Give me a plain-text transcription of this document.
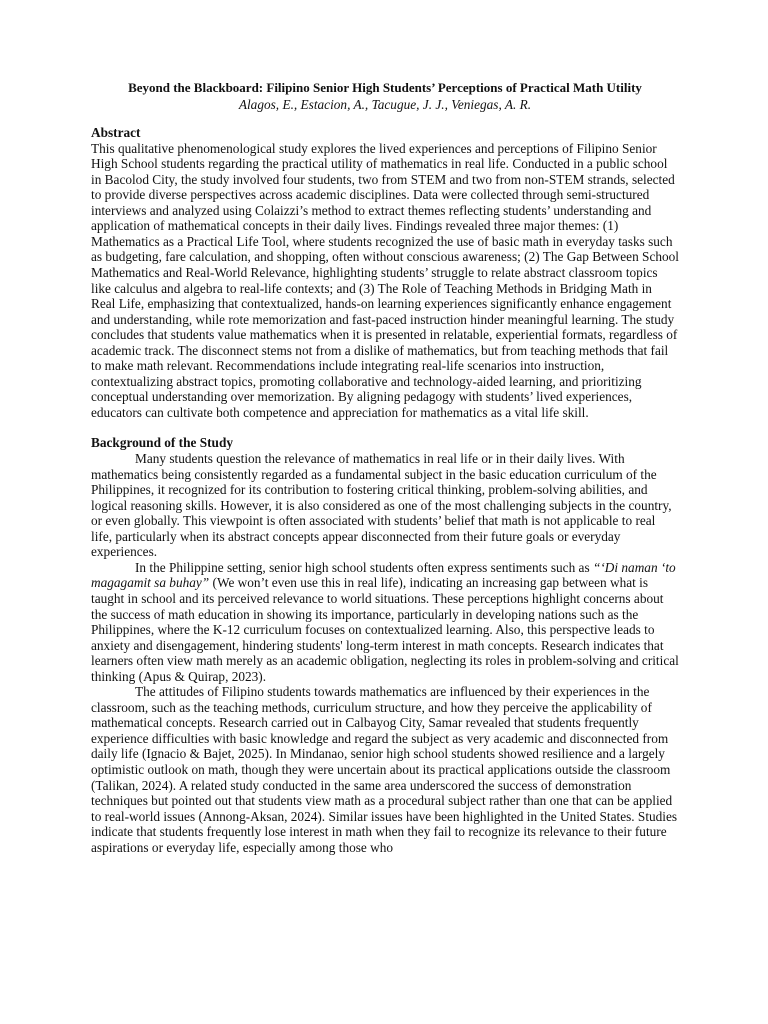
Beyond the Blackboard: Filipino Senior High Students’ Perceptions of Practical Math Utility
Alagos, E., Estacion, A., Tacugue, J. J., Veniegas, A. R.
Abstract

This qualitative phenomenological study explores the lived experiences and perceptions of Filipino Senior High School students regarding the practical utility of mathematics in real life. Conducted in a public school in Bacolod City, the study involved four students, two from STEM and two from non-STEM strands, selected to provide diverse perspectives across academic disciplines. Data were collected through semi-structured interviews and analyzed using Colaizzi’s method to extract themes reflecting students’ understanding and application of mathematical concepts in their daily lives. Findings revealed three major themes: (1) Mathematics as a Practical Life Tool, where students recognized the use of basic math in everyday tasks such as budgeting, fare calculation, and shopping, often without conscious awareness; (2) The Gap Between School Mathematics and Real-World Relevance, highlighting students’ struggle to relate abstract classroom topics like calculus and algebra to real-life contexts; and (3) The Role of Teaching Methods in Bridging Math in Real Life, emphasizing that contextualized, hands-on learning experiences significantly enhance engagement and understanding, while rote memorization and fast-paced instruction hinder meaningful learning. The study concludes that students value mathematics when it is presented in relatable, experiential formats, regardless of academic track. The disconnect stems not from a dislike of mathematics, but from teaching methods that fail to make math relevant. Recommendations include integrating real-life scenarios into instruction, contextualizing abstract topics, promoting collaborative and technology-aided learning, and prioritizing conceptual understanding over memorization. By aligning pedagogy with students’ lived experiences, educators can cultivate both competence and appreciation for mathematics as a vital life skill.

Background of the Study

Many students question the relevance of mathematics in real life or in their daily lives. With mathematics being consistently regarded as a fundamental subject in the basic education curriculum of the Philippines, it recognized for its contribution to fostering critical thinking, problem-solving abilities, and logical reasoning skills. However, it is also considered as one of the most challenging subjects in the country, or even globally. This viewpoint is often associated with students’ belief that math is not applicable to real life, particularly when its abstract concepts appear disconnected from their future goals or everyday experiences.

In the Philippine setting, senior high school students often express sentiments such as “‘Di naman ‘to magagamit sa buhay” (We won’t even use this in real life), indicating an increasing gap between what is taught in school and its perceived relevance to world situations. These perceptions highlight concerns about the success of math education in showing its importance, particularly in developing nations such as the Philippines, where the K-12 curriculum focuses on contextualized learning. Also, this perspective leads to anxiety and disengagement, hindering students' long-term interest in math concepts. Research indicates that learners often view math merely as an academic obligation, neglecting its roles in problem-solving and critical thinking (Apus & Quirap, 2023).

The attitudes of Filipino students towards mathematics are influenced by their experiences in the classroom, such as the teaching methods, curriculum structure, and how they perceive the applicability of mathematical concepts. Research carried out in Calbayog City, Samar revealed that students frequently experience difficulties with basic knowledge and regard the subject as very academic and disconnected from daily life (Ignacio & Bajet, 2025). In Mindanao, senior high school students showed resilience and a largely optimistic outlook on math, though they were uncertain about its practical applications outside the classroom (Talikan, 2024). A related study conducted in the same area underscored the success of demonstration techniques but pointed out that students view math as a procedural subject rather than one that can be applied to real-world issues (Annong-Aksan, 2024). Similar issues have been highlighted in the United States. Studies indicate that students frequently lose interest in math when they fail to recognize its relevance to their future aspirations or everyday life, especially among those who
